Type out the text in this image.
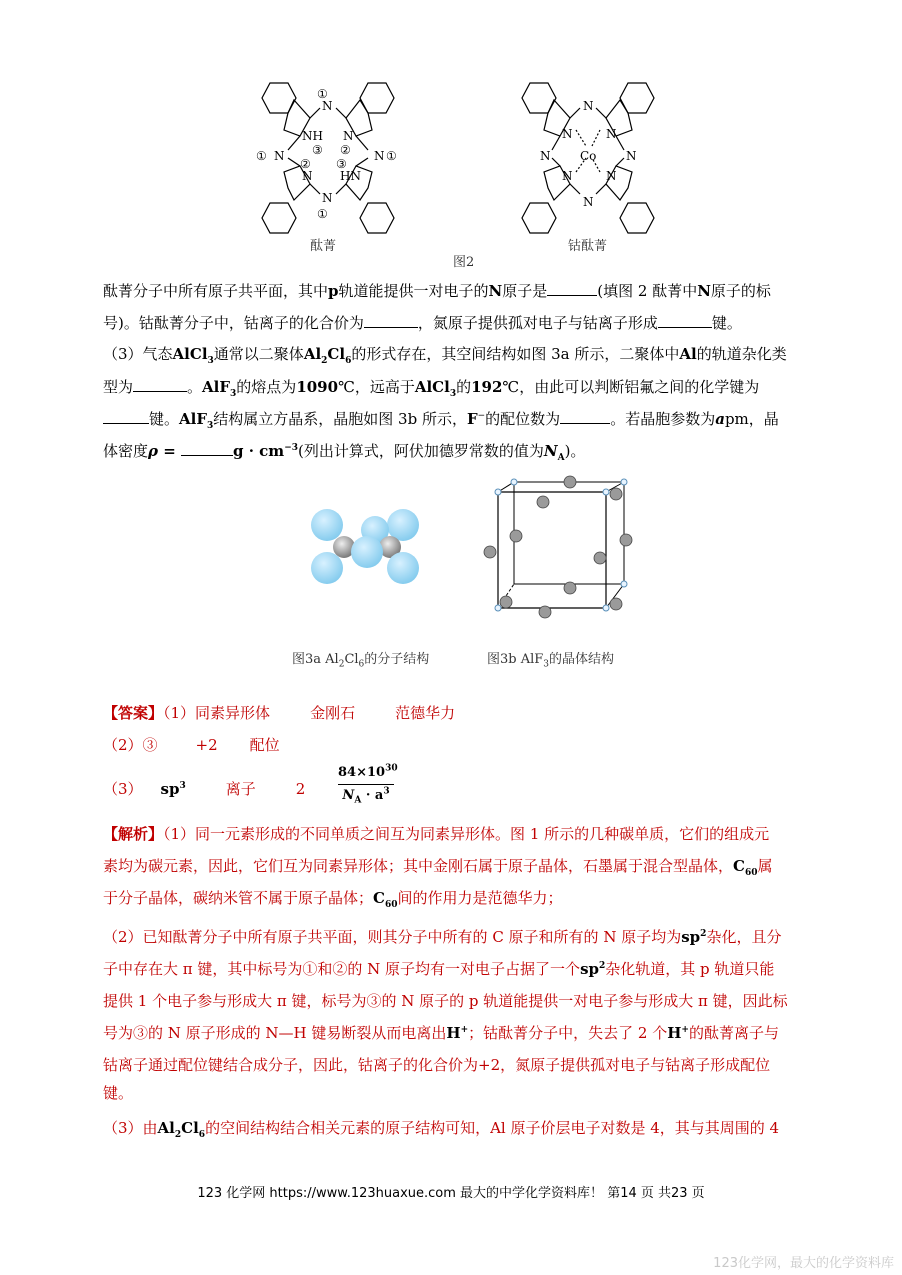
N
①
NH N
③ ②
① N	N ①
② ③
N HN
N
①
N
N	N
N Co N
N	N
N
酞菁	钴酞菁
图2
酞菁分子中所有原子共平面，其中p轨道能提供一对电子的N原子是	(填图 2 酞菁中N原子的标
号)。钴酞菁分子中，钴离子的化合价为	，氮原子提供孤对电子与钴离子形成	键。
（3）气态AlCl$_3$通常以二聚体$Al_2Cl_6$的形式存在，其空间结构如图 3a 所示，二聚体中Al的轨道杂化类
型为	。AlF$_3$的熔点为1090℃，远高于AlCl$_3$的192℃，由此可以判断铝氟之间的化学键为
键。AlF$_3$结构属立方晶系，晶胞如图 3b 所示，F−的配位数为	。若晶胞参数为apm，晶
体密度ρ =	$g \cdot cm^{-3}$(列出计算式，阿伏加德罗常数的值为$N_A$)。
图3a $Al_2Cl_6$的分子结构	图3b AlF$_3$的晶体结构
【答案】（1）同素异形体	金刚石	范德华力
（2）③	+2 配位
（3） $sp^3$	离子	2
$84\times 10^{30}$
$N_A \cdot a^3$
【解析】（1）同一元素形成的不同单质之间互为同素异形体。图 1 所示的几种碳单质，它们的组成元
素均为碳元素，因此，它们互为同素异形体；其中金刚石属于原子晶体，石墨属于混合型晶体，$C_{60}$属
于分子晶体，碳纳米管不属于原子晶体；$C_{60}$间的作用力是范德华力；
（2）已知酞菁分子中所有原子共平面，则其分子中所有的 C 原子和所有的 N 原子均为$sp^2$杂化，且分
子中存在大 π 键，其中标号为①和②的 N 原子均有一对电子占据了一个$sp^2$杂化轨道，其 p 轨道只能
提供 1 个电子参与形成大 π 键，标号为③的 N 原子的 p 轨道能提供一对电子参与形成大 π 键，因此标
号为③的 N 原子形成的 N—H 键易断裂从而电离出H+；钴酞菁分子中，失去了 2 个H+的酞菁离子与
钴离子通过配位键结合成分子，因此，钴离子的化合价为+2，氮原子提供孤对电子与钴离子形成配位
键。
（3）由$Al_2Cl_6$的空间结构结合相关元素的原子结构可知，Al 原子价层电子对数是 4，其与其周围的 4
123 化学网 https://www.123huaxue.com 最大的中学化学资料库！ 第14 页 共23 页
123化学网，最大的化学资料库
